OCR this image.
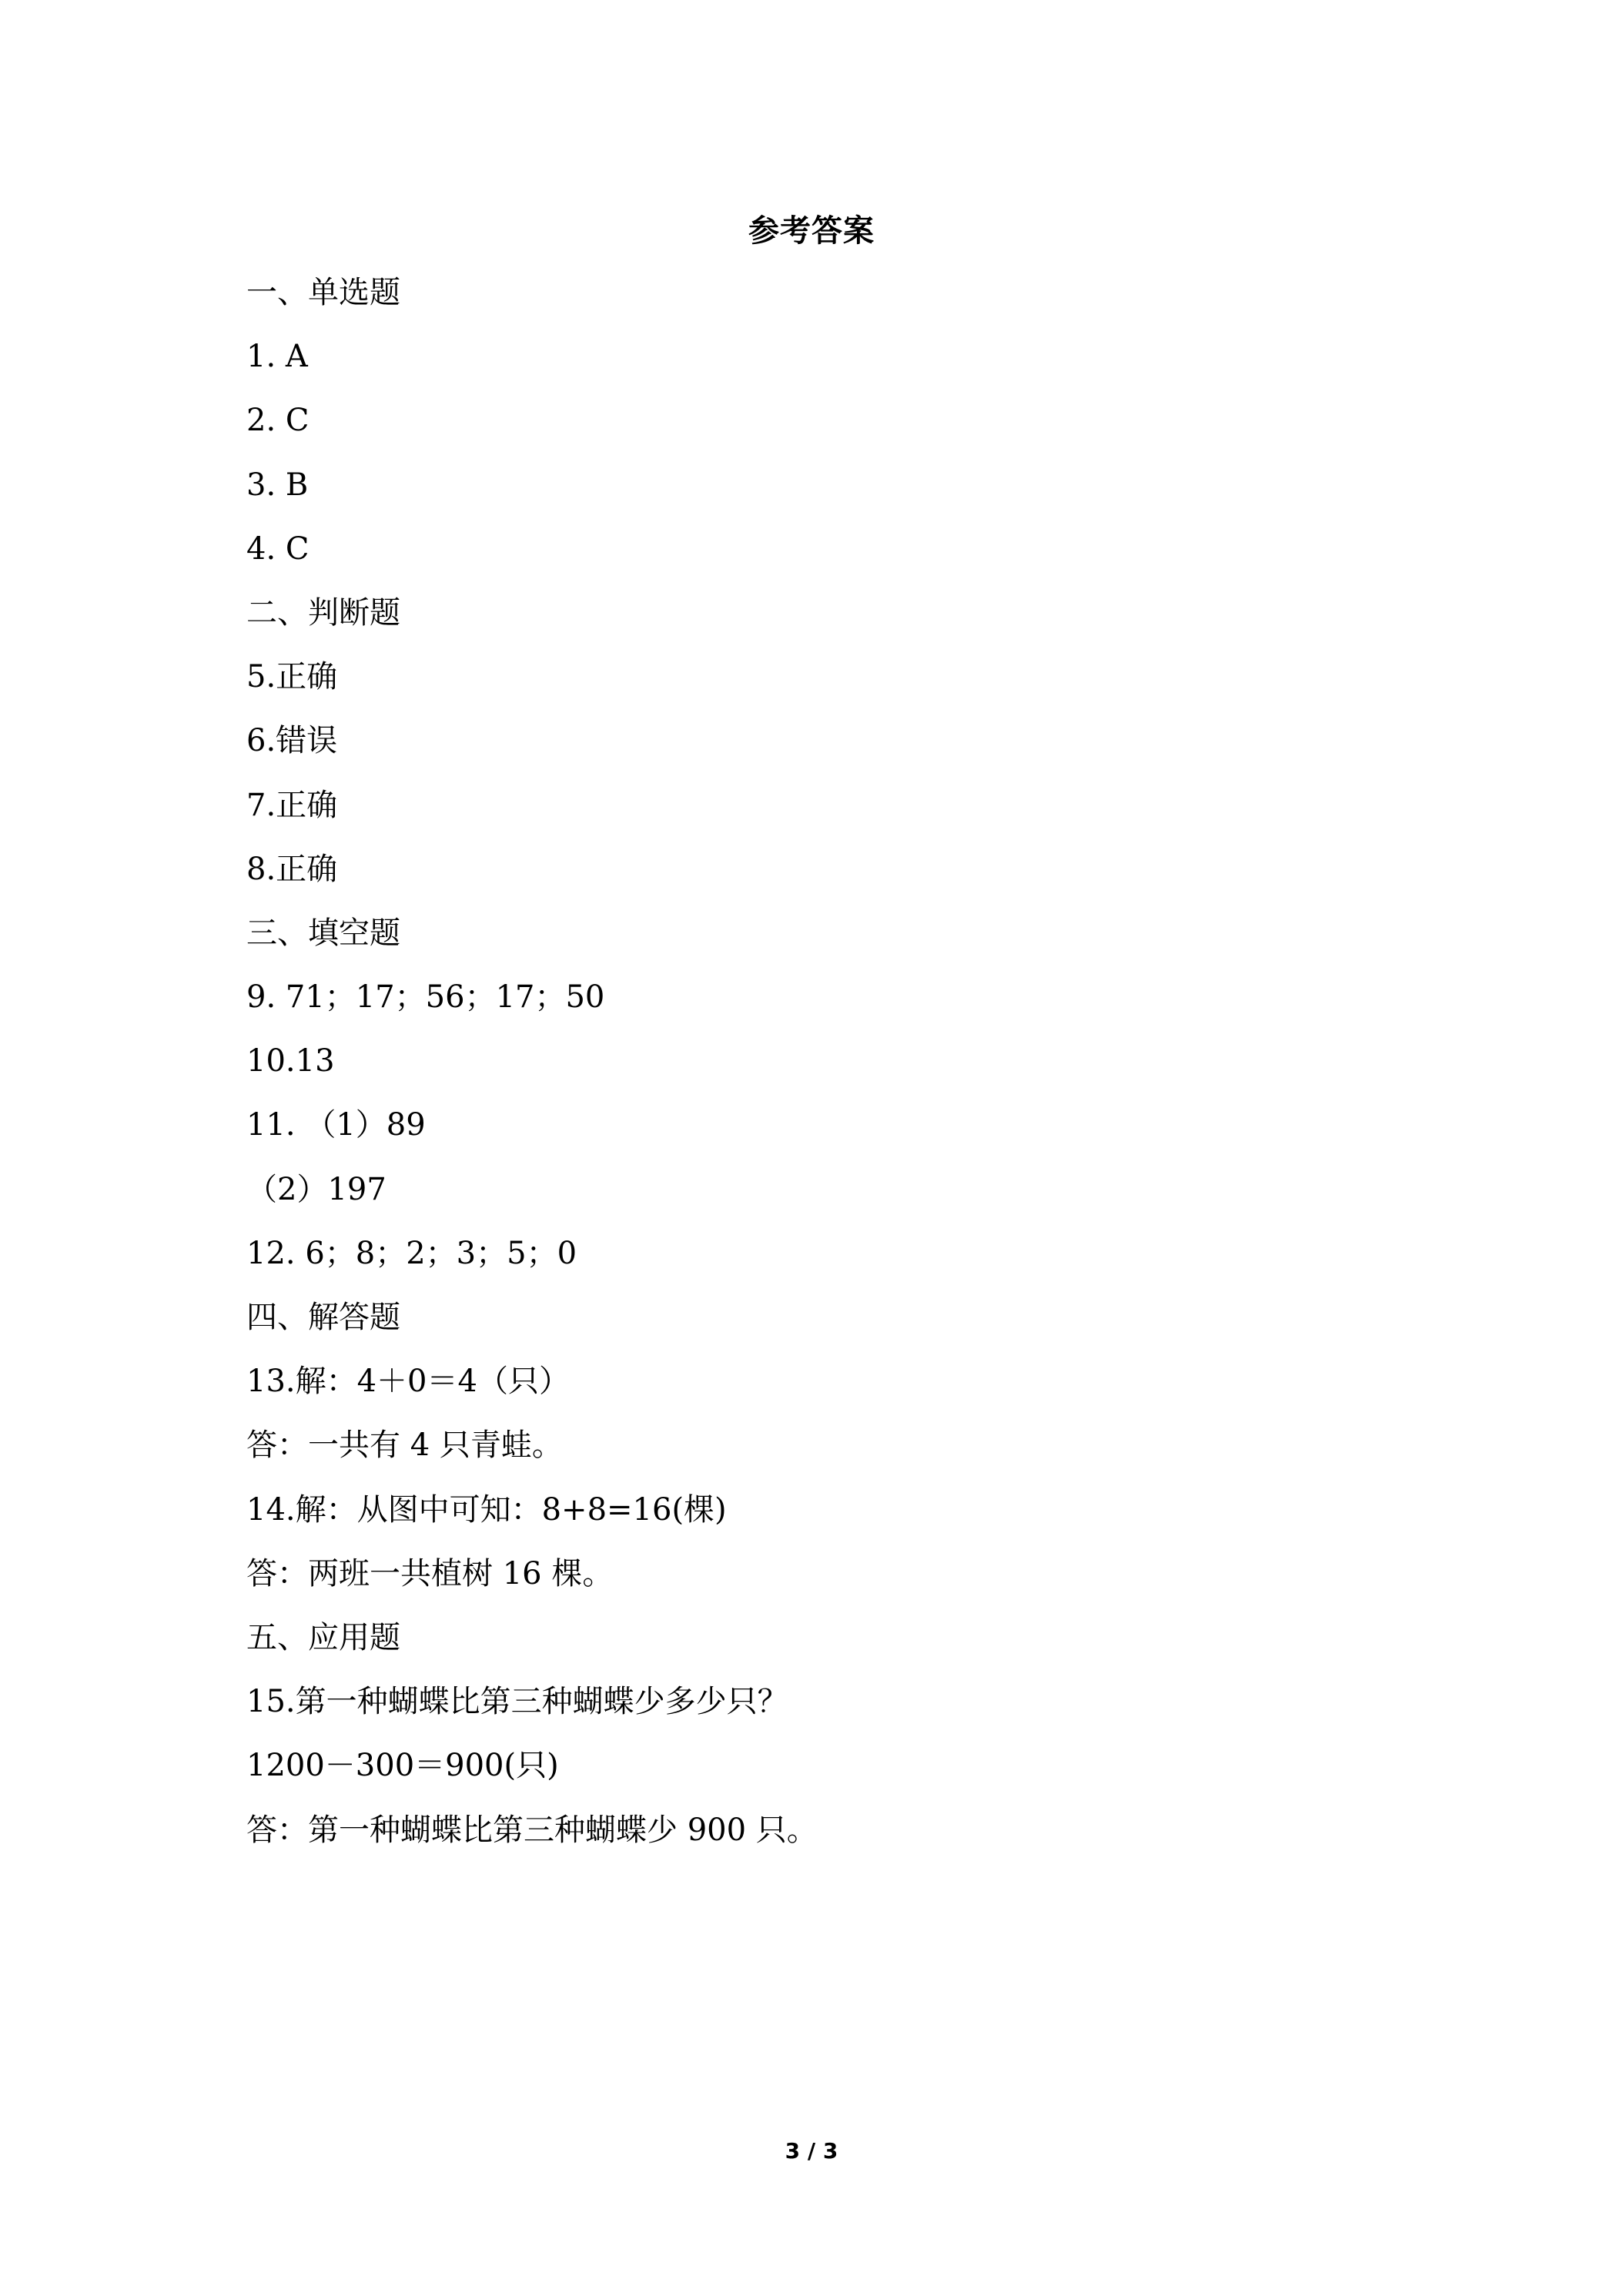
参考答案
一、单选题
1. A
2. C
3. B
4. C
二、判断题
5.正确
6.错误
7.正确
8.正确
三、填空题
9. 71；17；56；17；50
10.13
11. （1）89
（2）197
12. 6；8；2；3；5；0
四、解答题
13.解：4＋0＝4（只）
答：一共有 4 只青蛙。
14.解：从图中可知：8+8=16(棵)
答：两班一共植树 16 棵。
五、应用题
15.第一种蝴蝶比第三种蝴蝶少多少只？
1200－300＝900(只)
答：第一种蝴蝶比第三种蝴蝶少 900 只。
3 / 3
